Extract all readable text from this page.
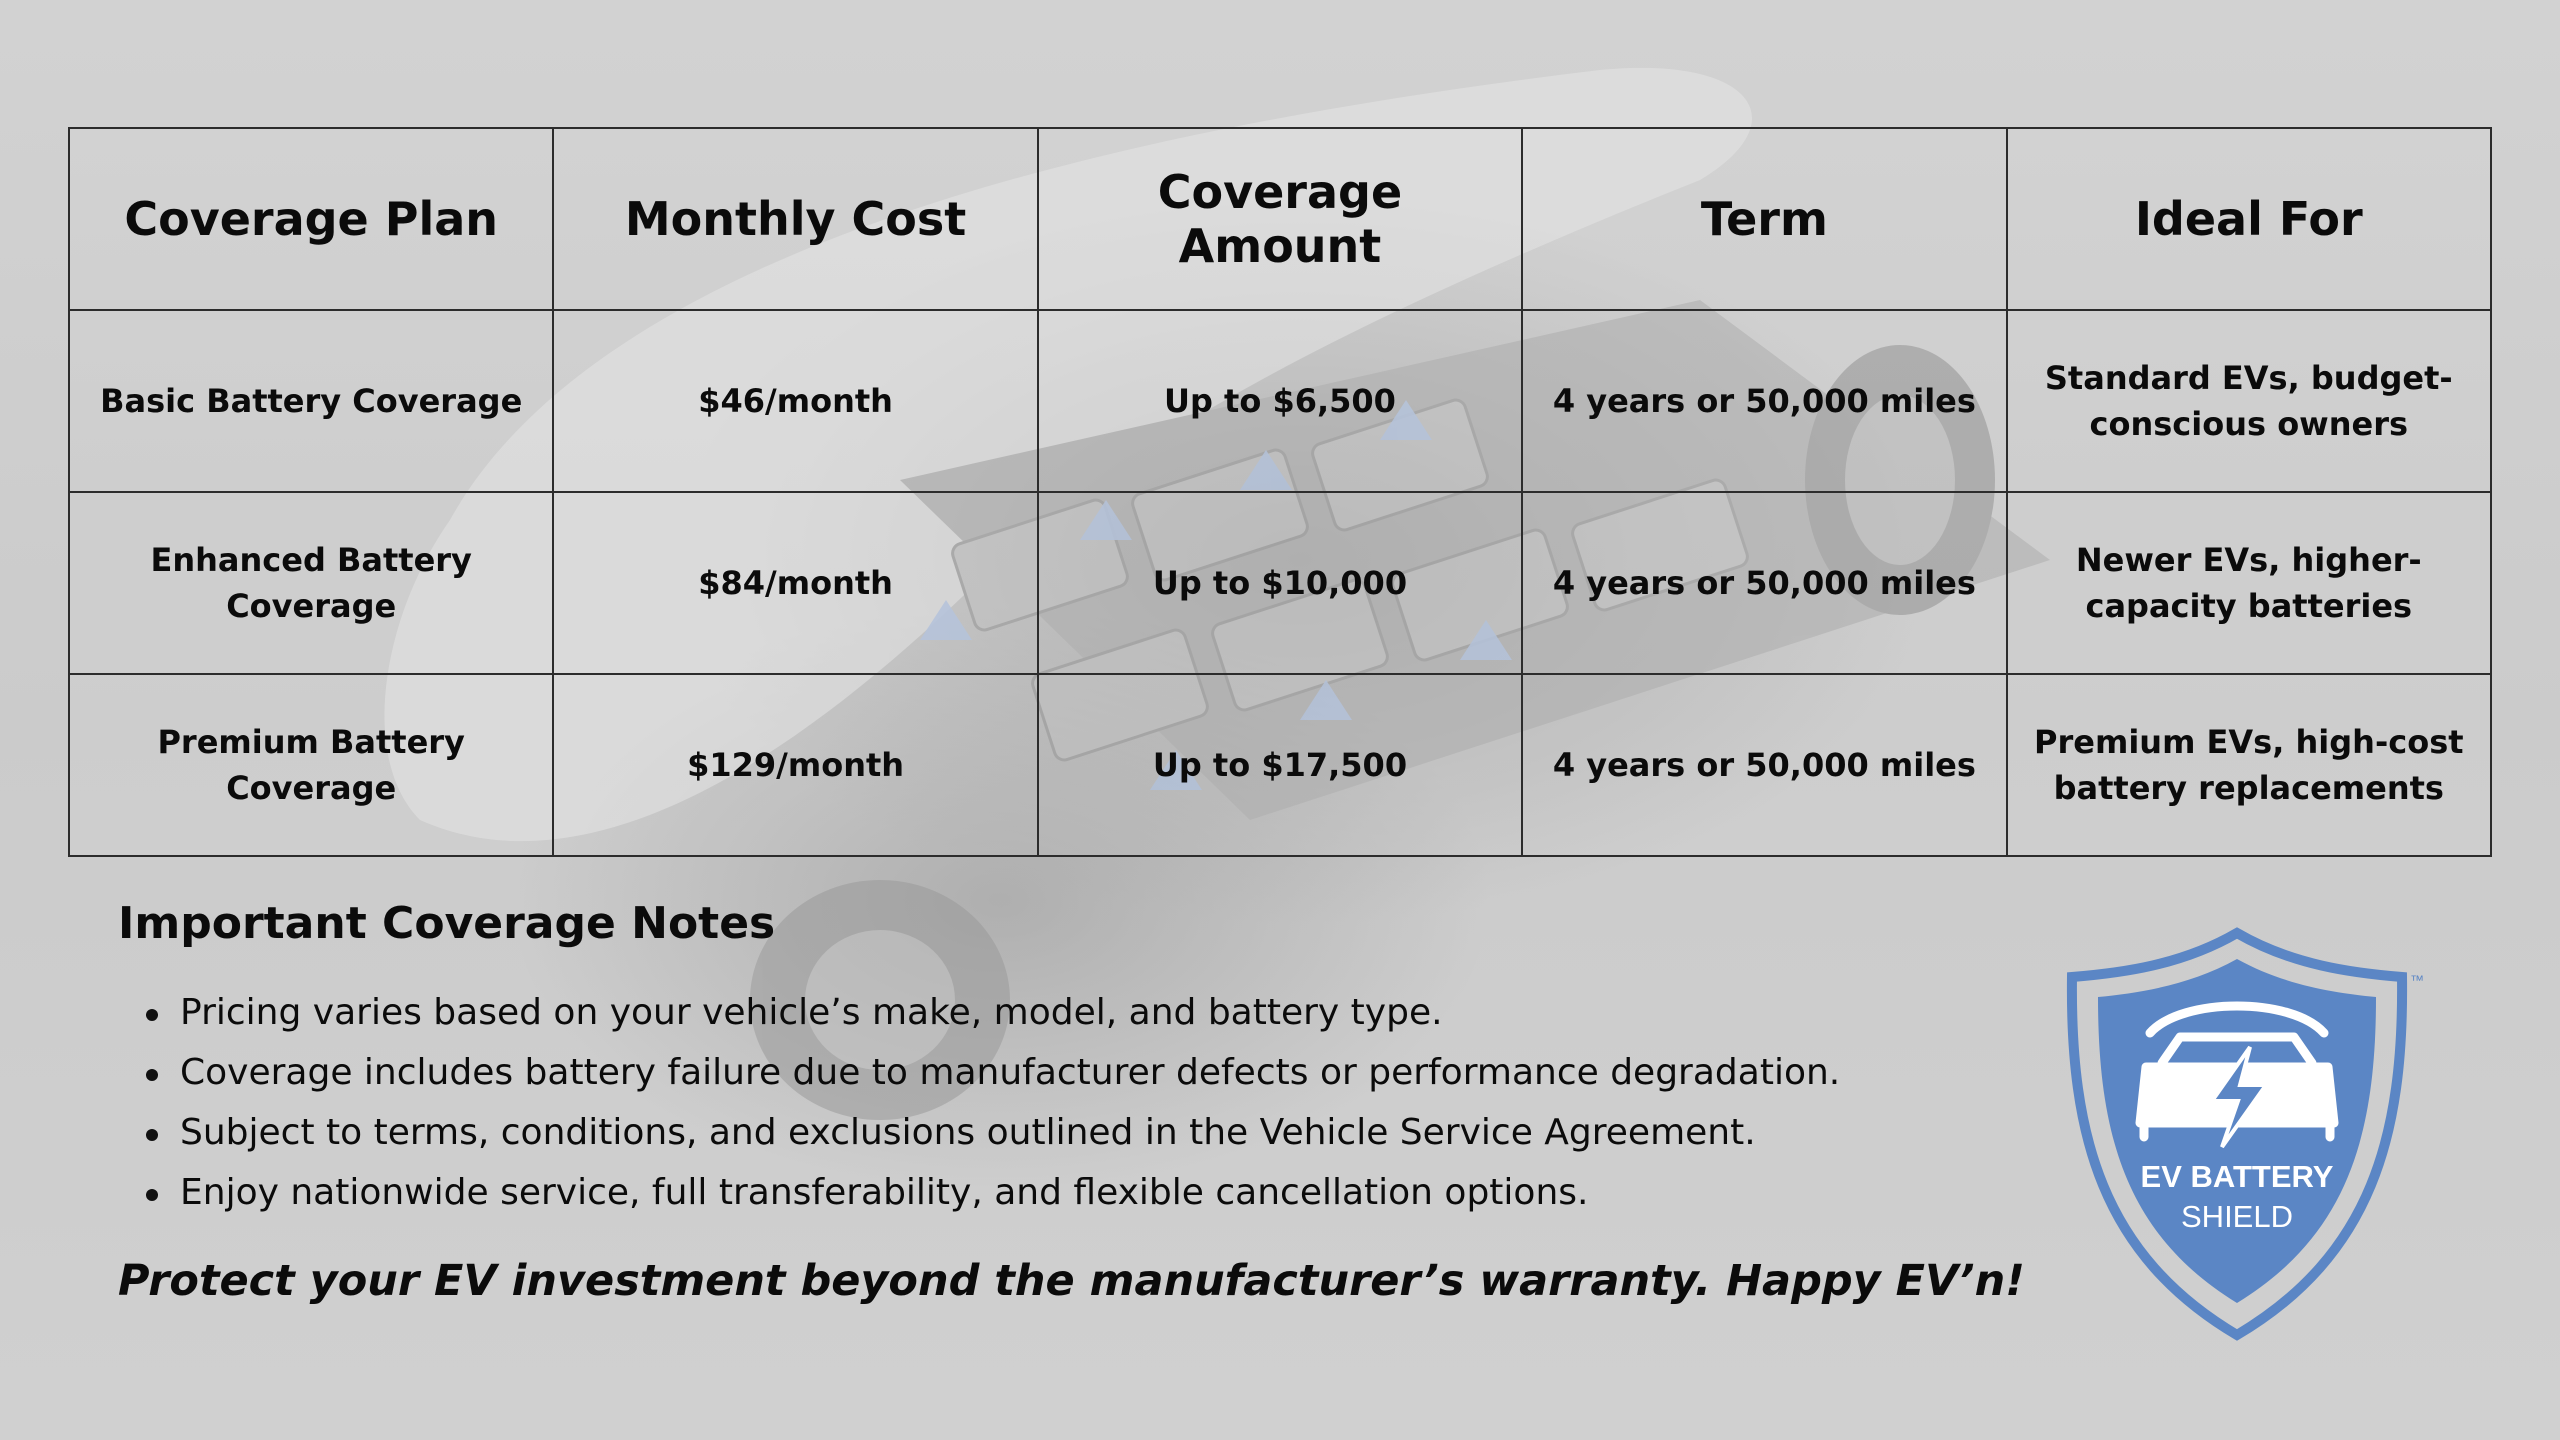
Coverage Plan	Monthly Cost	Coverage Amount	Term	Ideal For
Basic Battery Coverage	$46/month	Up to $6,500	4 years or 50,000 miles	Standard EVs, budget-conscious owners
Enhanced Battery Coverage	$84/month	Up to $10,000	4 years or 50,000 miles	Newer EVs, higher-capacity batteries
Premium Battery Coverage	$129/month	Up to $17,500	4 years or 50,000 miles	Premium EVs, high-cost battery replacements
Important Coverage Notes
Pricing varies based on your vehicle’s make, model, and battery type.
Coverage includes battery failure due to manufacturer defects or performance degradation.
Subject to terms, conditions, and exclusions outlined in the Vehicle Service Agreement.
Enjoy nationwide service, full transferability, and flexible cancellation options.

Protect your EV investment beyond the manufacturer’s warranty. Happy EV’n!

EV BATTERY
SHIELD
™
